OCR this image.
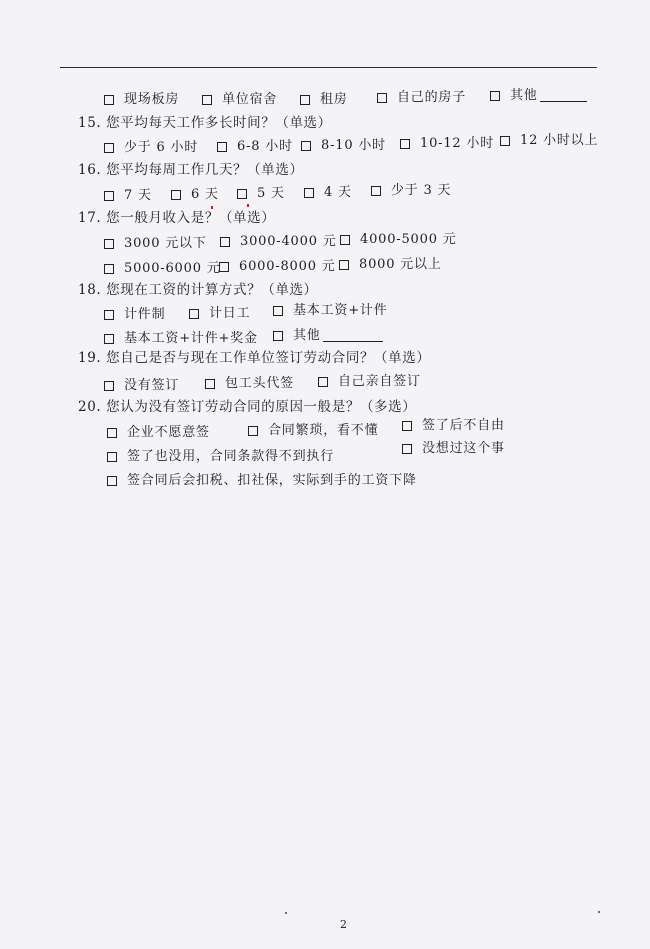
现场板房	单位宿舍	租房	自己的房子	其他
15. 您平均每天工作多长时间？（单选）
少于 6 小时	6-8 小时 8-10 小时	10-12 小时 12 小时以上
16. 您平均每周工作几天？（单选）
7 天	6 天	5 天	4 天	少于 3 天
17. 您一般月收入是？（单选）
3000 元以下	3000-4000 元 4000-5000 元
5000-6000 元 6000-8000 元 8000 元以上
18. 您现在工资的计算方式？（单选）
计件制	计日工	基本工资+计件
基本工资+计件+奖金	其他
19. 您自己是否与现在工作单位签订劳动合同？（单选）
没有签订	包工头代签	自己亲自签订
20. 您认为没有签订劳动合同的原因一般是？（多选）
企业不愿意签	合同繁琐，看不懂	签了后不自由
签了也没用，合同条款得不到执行
没想过这个事
签合同后会扣税、扣社保，实际到手的工资下降
2
